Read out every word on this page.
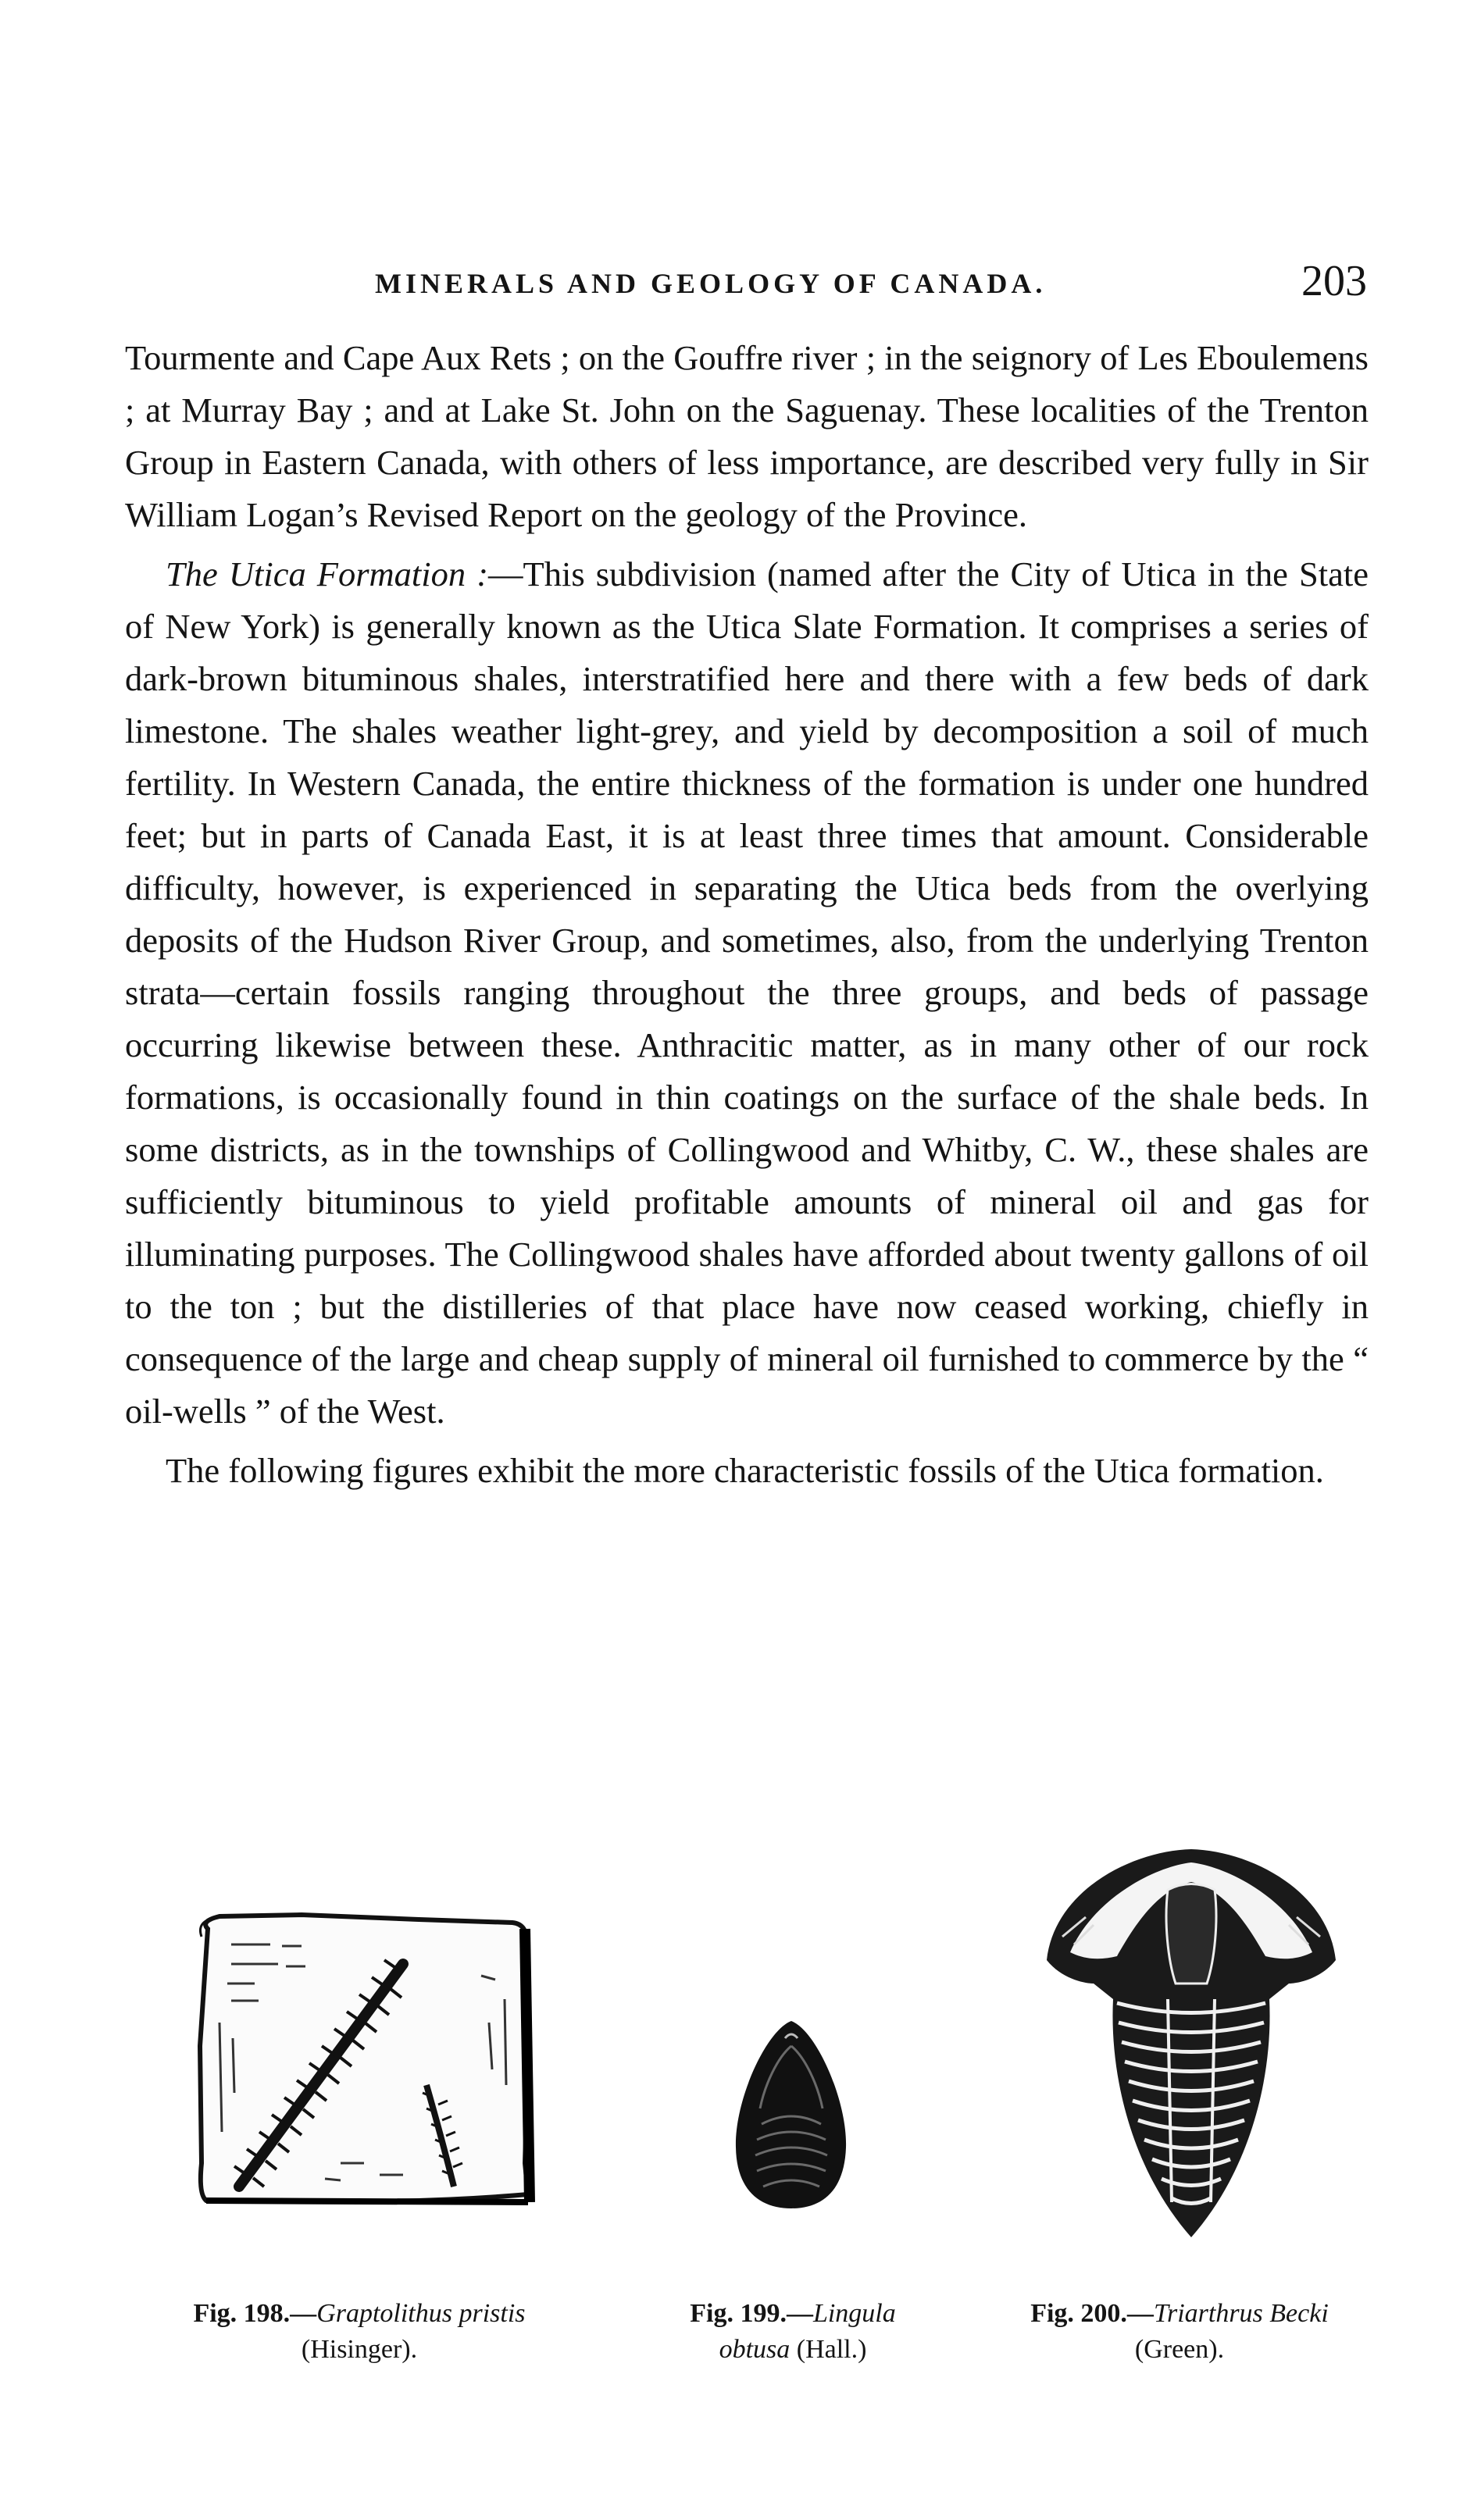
MINERALS AND GEOLOGY OF CANADA.	203

Tourmente and Cape Aux Rets ; on the Gouffre river ; in the seignory of Les Eboulemens ; at Murray Bay ; and at Lake St. John on the Saguenay. These localities of the Trenton Group in Eastern Canada, with others of less importance, are described very fully in Sir William Logan’s Revised Report on the geology of the Province.

The Utica Formation :—This subdivision (named after the City of Utica in the State of New York) is generally known as the Utica Slate Formation. It comprises a series of dark-brown bituminous shales, interstratified here and there with a few beds of dark limestone. The shales weather light-grey, and yield by decomposition a soil of much fertility. In Western Canada, the entire thickness of the formation is under one hundred feet; but in parts of Canada East, it is at least three times that amount. Considerable difficulty, however, is experienced in separating the Utica beds from the overlying deposits of the Hudson River Group, and sometimes, also, from the underlying Trenton strata—certain fossils ranging throughout the three groups, and beds of passage occurring likewise between these. Anthracitic matter, as in many other of our rock formations, is occasionally found in thin coatings on the surface of the shale beds. In some districts, as in the townships of Collingwood and Whitby, C. W., these shales are sufficiently bituminous to yield profitable amounts of mineral oil and gas for illuminating purposes. The Collingwood shales have afforded about twenty gallons of oil to the ton ; but the distilleries of that place have now ceased working, chiefly in consequence of the large and cheap supply of mineral oil furnished to commerce by the “ oil-wells ” of the West.

The following figures exhibit the more characteristic fossils of the Utica formation.

Fig. 198.—Graptolithus pristis
(Hisinger).
Fig. 199.—Lingula
obtusa (Hall.)
Fig. 200.—Triarthrus Becki
(Green).
